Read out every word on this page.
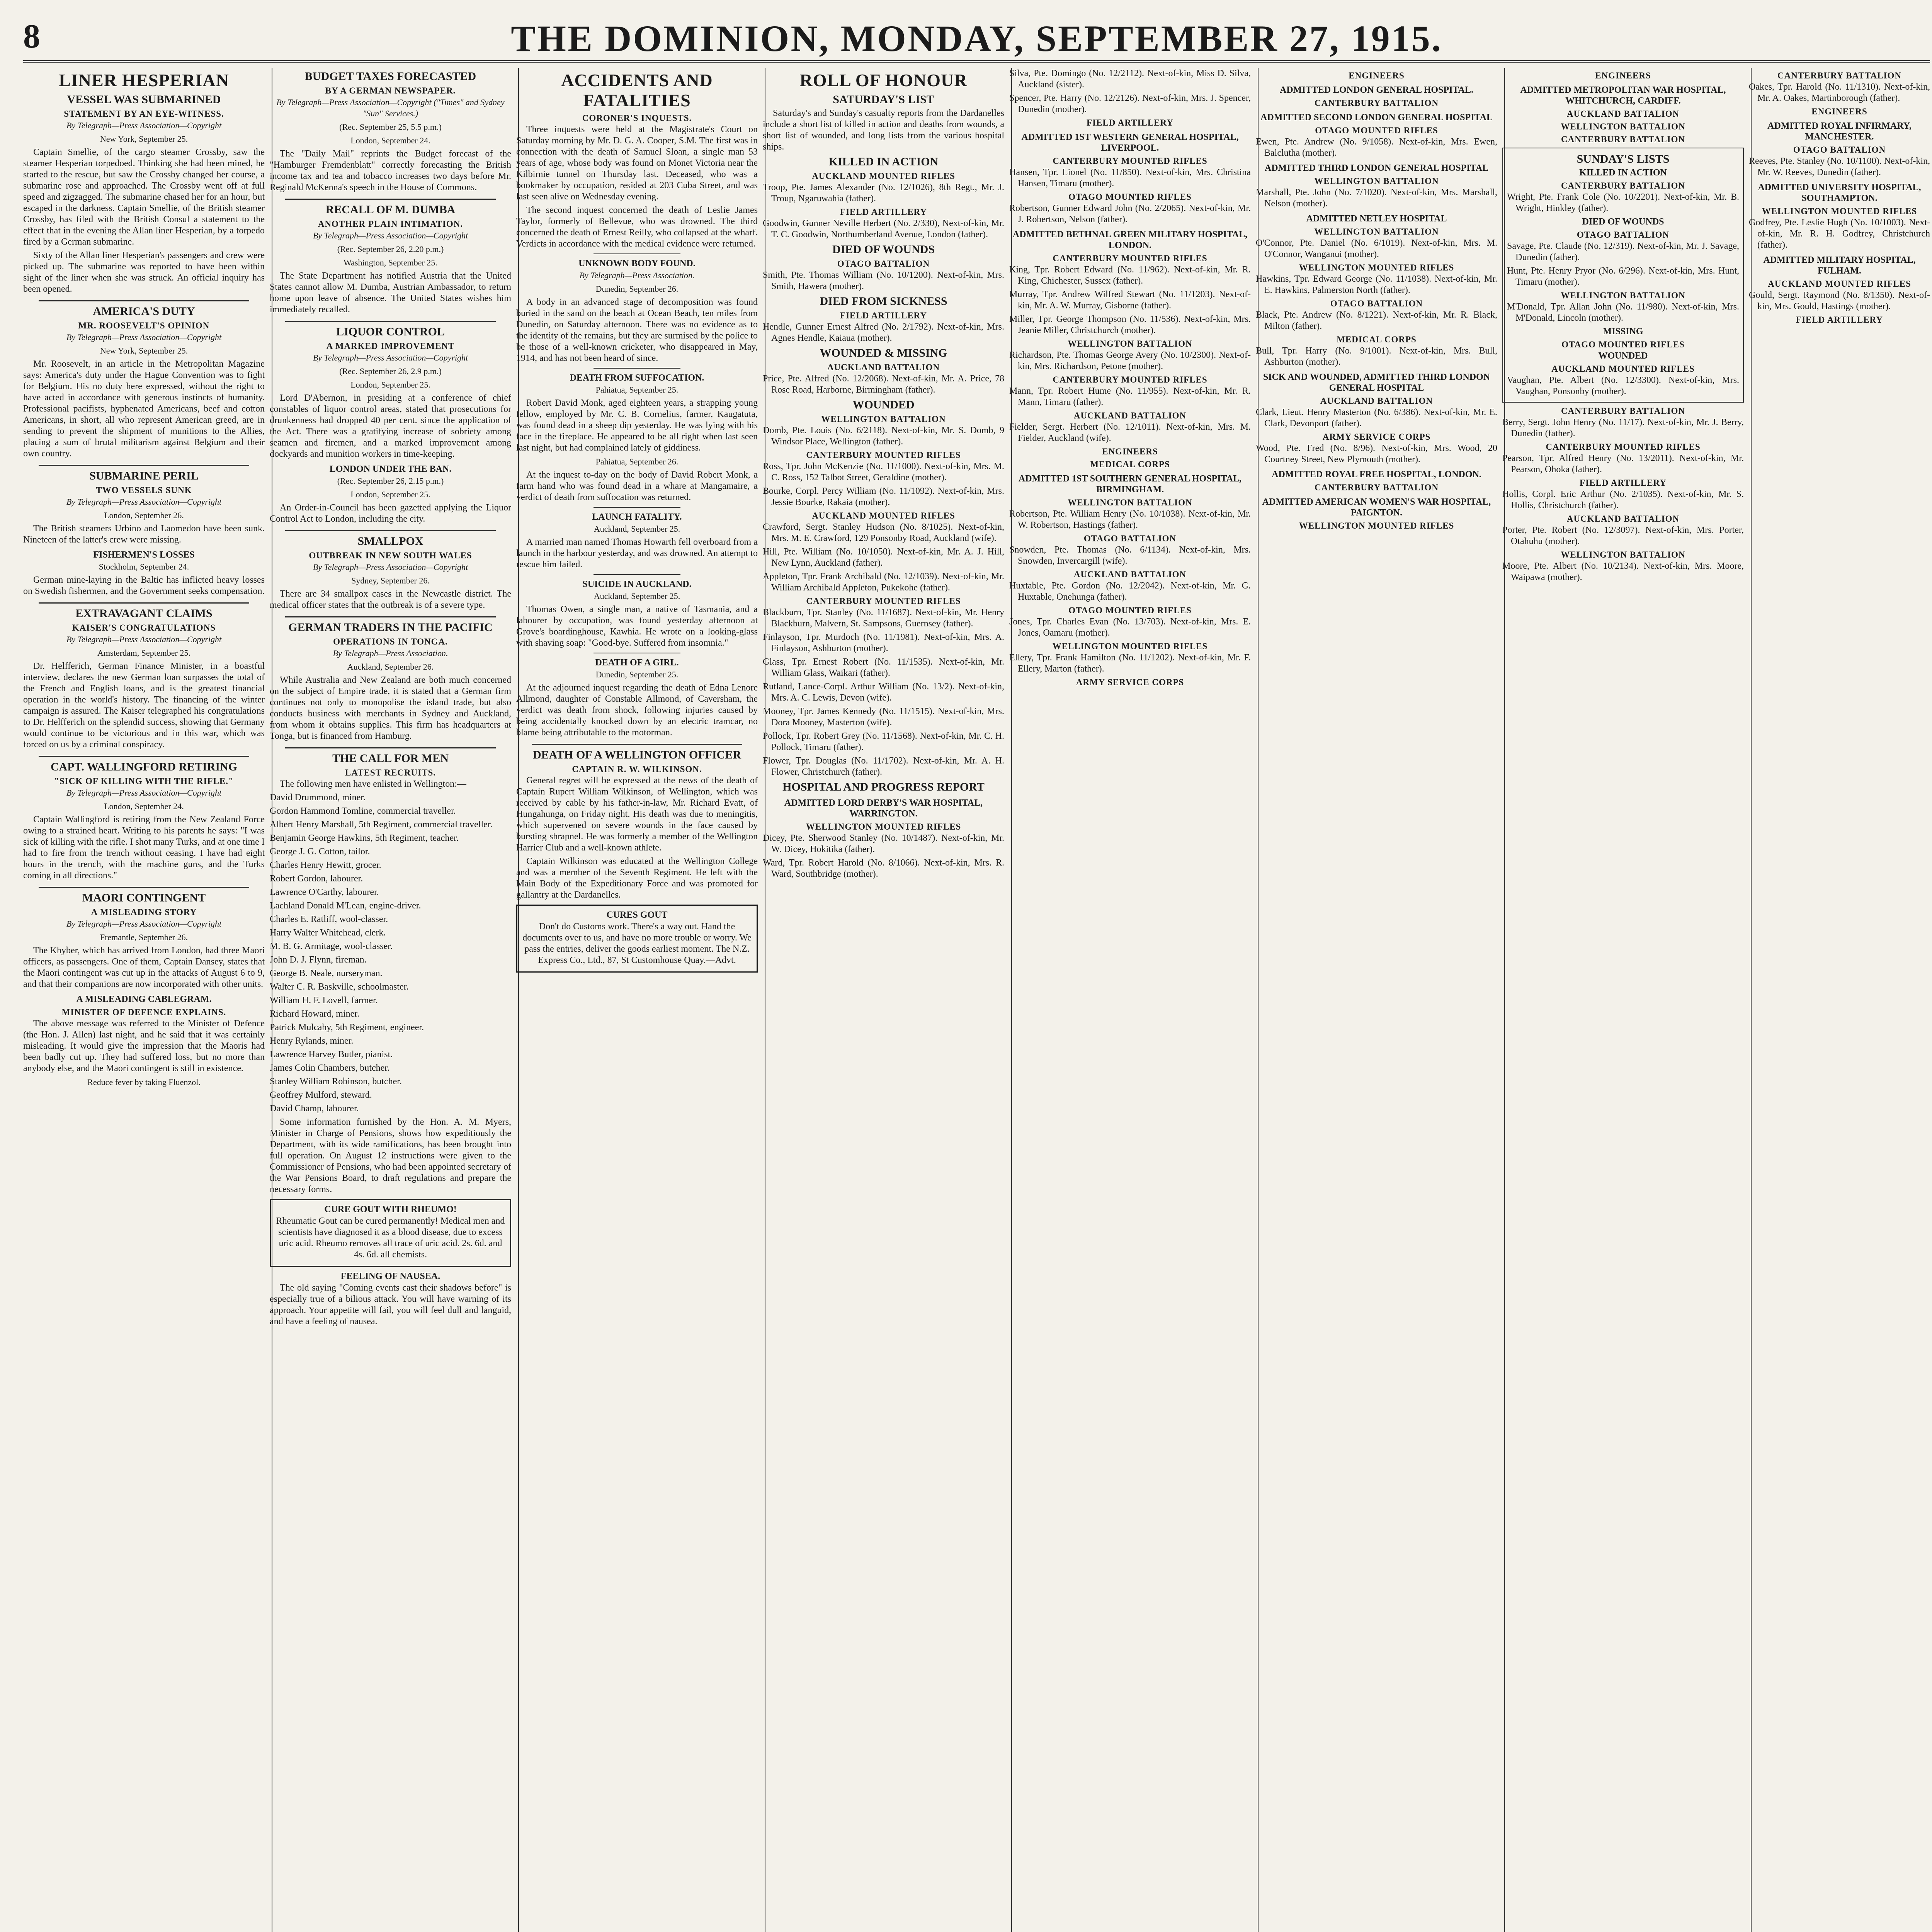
8	THE DOMINION, MONDAY, SEPTEMBER 27, 1915.
LINER HESPERIAN
VESSEL WAS SUBMARINED
STATEMENT BY AN EYE-WITNESS.

By Telegraph—Press Association—Copyright

New York, September 25.

Captain Smellie, of the cargo steamer Crossby, saw the steamer Hesperian torpedoed. Thinking she had been mined, he started to the rescue, but saw the Crossby changed her course, a submarine rose and approached. The Crossby went off at full speed and zigzagged. The submarine chased her for an hour, but escaped in the darkness. Captain Smellie, of the British steamer Crossby, has filed with the British Consul a statement to the effect that in the evening the Allan liner Hesperian, by a torpedo fired by a German submarine.

Sixty of the Allan liner Hesperian's passengers and crew were picked up. The submarine was reported to have been within sight of the liner when she was struck. An official inquiry has been opened.

AMERICA'S DUTY
MR. ROOSEVELT'S OPINION

By Telegraph—Press Association—Copyright

New York, September 25.

Mr. Roosevelt, in an article in the Metropolitan Magazine says: America's duty under the Hague Convention was to fight for Belgium. His no duty here expressed, without the right to have acted in accordance with generous instincts of humanity. Professional pacifists, hyphenated Americans, beef and cotton Americans, in short, all who represent American greed, are in sending to prevent the shipment of munitions to the Allies, placing a sum of brutal militarism against Belgium and their own country.

SUBMARINE PERIL
TWO VESSELS SUNK

By Telegraph—Press Association—Copyright

London, September 26.

The British steamers Urbino and Laomedon have been sunk. Nineteen of the latter's crew were missing.

FISHERMEN'S LOSSES

Stockholm, September 24.

German mine-laying in the Baltic has inflicted heavy losses on Swedish fishermen, and the Government seeks compensation.

EXTRAVAGANT CLAIMS
KAISER'S CONGRATULATIONS

By Telegraph—Press Association—Copyright

Amsterdam, September 25.

Dr. Helfferich, German Finance Minister, in a boastful interview, declares the new German loan surpasses the total of the French and English loans, and is the greatest financial operation in the world's history. The financing of the winter campaign is assured. The Kaiser telegraphed his congratulations to Dr. Helfferich on the splendid success, showing that Germany would continue to be victorious and in this war, which was forced on us by a criminal conspiracy.

CAPT. WALLINGFORD RETIRING
"SICK OF KILLING WITH THE RIFLE."

By Telegraph—Press Association—Copyright

London, September 24.

Captain Wallingford is retiring from the New Zealand Force owing to a strained heart. Writing to his parents he says: "I was sick of killing with the rifle. I shot many Turks, and at one time I had to fire from the trench without ceasing. I have had eight hours in the trench, with the machine guns, and the Turks coming in all directions."

MAORI CONTINGENT
A MISLEADING STORY

By Telegraph—Press Association—Copyright

Fremantle, September 26.

The Khyber, which has arrived from London, had three Maori officers, as passengers. One of them, Captain Dansey, states that the Maori contingent was cut up in the attacks of August 6 to 9, and that their companions are now incorporated with other units.

A MISLEADING CABLEGRAM.
MINISTER OF DEFENCE EXPLAINS.

The above message was referred to the Minister of Defence (the Hon. J. Allen) last night, and he said that it was certainly misleading. It would give the impression that the Maoris had been badly cut up. They had suffered loss, but no more than anybody else, and the Maori contingent is still in existence.

Reduce fever by taking Fluenzol.

BUDGET TAXES FORECASTED
BY A GERMAN NEWSPAPER.

By Telegraph—Press Association—Copyright ("Times" and Sydney "Sun" Services.)

(Rec. September 25, 5.5 p.m.)

London, September 24.

The "Daily Mail" reprints the Budget forecast of the "Hamburger Fremdenblatt" correctly forecasting the British income tax and tea and tobacco increases two days before Mr. Reginald McKenna's speech in the House of Commons.

RECALL OF M. DUMBA
ANOTHER PLAIN INTIMATION.

By Telegraph—Press Association—Copyright

(Rec. September 26, 2.20 p.m.)

Washington, September 25.

The State Department has notified Austria that the United States cannot allow M. Dumba, Austrian Ambassador, to return home upon leave of absence. The United States wishes him immediately recalled.

LIQUOR CONTROL
A MARKED IMPROVEMENT

By Telegraph—Press Association—Copyright

(Rec. September 26, 2.9 p.m.)

London, September 25.

Lord D'Abernon, in presiding at a conference of chief constables of liquor control areas, stated that prosecutions for drunkenness had dropped 40 per cent. since the application of the Act. There was a gratifying increase of sobriety among seamen and firemen, and a marked improvement among dockyards and munition workers in time-keeping.

LONDON UNDER THE BAN.

(Rec. September 26, 2.15 p.m.)

London, September 25.

An Order-in-Council has been gazetted applying the Liquor Control Act to London, including the city.

SMALLPOX
OUTBREAK IN NEW SOUTH WALES

By Telegraph—Press Association—Copyright

Sydney, September 26.

There are 34 smallpox cases in the Newcastle district. The medical officer states that the outbreak is of a severe type.

GERMAN TRADERS IN THE PACIFIC
OPERATIONS IN TONGA.

By Telegraph—Press Association.

Auckland, September 26.

While Australia and New Zealand are both much concerned on the subject of Empire trade, it is stated that a German firm continues not only to monopolise the island trade, but also conducts business with merchants in Sydney and Auckland, from whom it obtains supplies. This firm has headquarters at Tonga, but is financed from Hamburg.

THE CALL FOR MEN
LATEST RECRUITS.

The following men have enlisted in Wellington:—

David Drummond, miner.

Gordon Hammond Tomline, commercial traveller.

Albert Henry Marshall, 5th Regiment, commercial traveller.

Benjamin George Hawkins, 5th Regiment, teacher.

George J. G. Cotton, tailor.

Charles Henry Hewitt, grocer.

Robert Gordon, labourer.

Lawrence O'Carthy, labourer.

Lachland Donald M'Lean, engine-driver.

Charles E. Ratliff, wool-classer.

Harry Walter Whitehead, clerk.

M. B. G. Armitage, wool-classer.

John D. J. Flynn, fireman.

George B. Neale, nurseryman.

Walter C. R. Baskville, schoolmaster.

William H. F. Lovell, farmer.

Richard Howard, miner.

Patrick Mulcahy, 5th Regiment, engineer.

Henry Rylands, miner.

Lawrence Harvey Butler, pianist.

James Colin Chambers, butcher.

Stanley William Robinson, butcher.

Geoffrey Mulford, steward.

David Champ, labourer.

Some information furnished by the Hon. A. M. Myers, Minister in Charge of Pensions, shows how expeditiously the Department, with its wide ramifications, has been brought into full operation. On August 12 instructions were given to the Commissioner of Pensions, who had been appointed secretary of the War Pensions Board, to draft regulations and prepare the necessary forms.

CURE GOUT WITH RHEUMO!

Rheumatic Gout can be cured permanently! Medical men and scientists have diagnosed it as a blood disease, due to excess uric acid. Rheumo removes all trace of uric acid. 2s. 6d. and 4s. 6d. all chemists.

FEELING OF NAUSEA.

The old saying "Coming events cast their shadows before" is especially true of a bilious attack. You will have warning of its approach. Your appetite will fail, you will feel dull and languid, and have a feeling of nausea.

ACCIDENTS AND FATALITIES
CORONER'S INQUESTS.

Three inquests were held at the Magistrate's Court on Saturday morning by Mr. D. G. A. Cooper, S.M. The first was in connection with the death of Samuel Sloan, a single man 53 years of age, whose body was found on Monet Victoria near the Kilbirnie tunnel on Thursday last. Deceased, who was a bookmaker by occupation, resided at 203 Cuba Street, and was last seen alive on Wednesday evening.

The second inquest concerned the death of Leslie James Taylor, formerly of Bellevue, who was drowned. The third concerned the death of Ernest Reilly, who collapsed at the wharf. Verdicts in accordance with the medical evidence were returned.

UNKNOWN BODY FOUND.

By Telegraph—Press Association.

Dunedin, September 26.

A body in an advanced stage of decomposition was found buried in the sand on the beach at Ocean Beach, ten miles from Dunedin, on Saturday afternoon. There was no evidence as to the identity of the remains, but they are surmised by the police to be those of a well-known cricketer, who disappeared in May, 1914, and has not been heard of since.

DEATH FROM SUFFOCATION.

Pahiatua, September 25.

Robert David Monk, aged eighteen years, a strapping young fellow, employed by Mr. C. B. Cornelius, farmer, Kaugatuta, was found dead in a sheep dip yesterday. He was lying with his face in the fireplace. He appeared to be all right when last seen last night, but had complained lately of giddiness.

Pahiatua, September 26.

At the inquest to-day on the body of David Robert Monk, a farm hand who was found dead in a whare at Mangamaire, a verdict of death from suffocation was returned.

LAUNCH FATALITY.

Auckland, September 25.

A married man named Thomas Howarth fell overboard from a launch in the harbour yesterday, and was drowned. An attempt to rescue him failed.

SUICIDE IN AUCKLAND.

Auckland, September 25.

Thomas Owen, a single man, a native of Tasmania, and a labourer by occupation, was found yesterday afternoon at Grove's boardinghouse, Kawhia. He wrote on a looking-glass with shaving soap: "Good-bye. Suffered from insomnia."

DEATH OF A GIRL.

Dunedin, September 25.

At the adjourned inquest regarding the death of Edna Lenore Allmond, daughter of Constable Allmond, of Caversham, the verdict was death from shock, following injuries caused by being accidentally knocked down by an electric tramcar, no blame being attributable to the motorman.

DEATH OF A WELLINGTON OFFICER
CAPTAIN R. W. WILKINSON.

General regret will be expressed at the news of the death of Captain Rupert William Wilkinson, of Wellington, which was received by cable by his father-in-law, Mr. Richard Evatt, of Hungahunga, on Friday night. His death was due to meningitis, which supervened on severe wounds in the face caused by bursting shrapnel. He was formerly a member of the Wellington Harrier Club and a well-known athlete.

Captain Wilkinson was educated at the Wellington College and was a member of the Seventh Regiment. He left with the Main Body of the Expeditionary Force and was promoted for gallantry at the Dardanelles.

CURES GOUT

Don't do Customs work. There's a way out. Hand the documents over to us, and have no more trouble or worry. We pass the entries, deliver the goods earliest moment. The N.Z. Express Co., Ltd., 87, St Customhouse Quay.—Advt.

ROLL OF HONOUR
SATURDAY'S LIST

Saturday's and Sunday's casualty reports from the Dardanelles include a short list of killed in action and deaths from wounds, a short list of wounded, and long lists from the various hospital ships.

KILLED IN ACTION
AUCKLAND MOUNTED RIFLES

Troop, Pte. James Alexander (No. 12/1026), 8th Regt., Mr. J. Troup, Ngaruwahia (father).

FIELD ARTILLERY

Goodwin, Gunner Neville Herbert (No. 2/330), Next-of-kin, Mr. T. C. Goodwin, Northumberland Avenue, London (father).

DIED OF WOUNDS
OTAGO BATTALION

Smith, Pte. Thomas William (No. 10/1200). Next-of-kin, Mrs. Smith, Hawera (mother).

DIED FROM SICKNESS
FIELD ARTILLERY

Hendle, Gunner Ernest Alfred (No. 2/1792). Next-of-kin, Mrs. Agnes Hendle, Kaiaua (mother).

WOUNDED & MISSING
AUCKLAND BATTALION

Price, Pte. Alfred (No. 12/2068). Next-of-kin, Mr. A. Price, 78 Rose Road, Harborne, Birmingham (father).

WOUNDED
WELLINGTON BATTALION

Domb, Pte. Louis (No. 6/2118). Next-of-kin, Mr. S. Domb, 9 Windsor Place, Wellington (father).

CANTERBURY MOUNTED RIFLES

Ross, Tpr. John McKenzie (No. 11/1000). Next-of-kin, Mrs. M. C. Ross, 152 Talbot Street, Geraldine (mother).

Bourke, Corpl. Percy William (No. 11/1092). Next-of-kin, Mrs. Jessie Bourke, Rakaia (mother).

AUCKLAND MOUNTED RIFLES

Crawford, Sergt. Stanley Hudson (No. 8/1025). Next-of-kin, Mrs. M. E. Crawford, 129 Ponsonby Road, Auckland (wife).

Hill, Pte. William (No. 10/1050). Next-of-kin, Mr. A. J. Hill, New Lynn, Auckland (father).

Appleton, Tpr. Frank Archibald (No. 12/1039). Next-of-kin, Mr. William Archibald Appleton, Pukekohe (father).

CANTERBURY MOUNTED RIFLES

Blackburn, Tpr. Stanley (No. 11/1687). Next-of-kin, Mr. Henry Blackburn, Malvern, St. Sampsons, Guernsey (father).

Finlayson, Tpr. Murdoch (No. 11/1981). Next-of-kin, Mrs. A. Finlayson, Ashburton (mother).

Glass, Tpr. Ernest Robert (No. 11/1535). Next-of-kin, Mr. William Glass, Waikari (father).

Rutland, Lance-Corpl. Arthur William (No. 13/2). Next-of-kin, Mrs. A. C. Lewis, Devon (wife).

Mooney, Tpr. James Kennedy (No. 11/1515). Next-of-kin, Mrs. Dora Mooney, Masterton (wife).

Pollock, Tpr. Robert Grey (No. 11/1568). Next-of-kin, Mr. C. H. Pollock, Timaru (father).

Flower, Tpr. Douglas (No. 11/1702). Next-of-kin, Mr. A. H. Flower, Christchurch (father).

HOSPITAL AND PROGRESS REPORT
ADMITTED LORD DERBY'S WAR HOSPITAL, WARRINGTON.
WELLINGTON MOUNTED RIFLES

Dicey, Pte. Sherwood Stanley (No. 10/1487). Next-of-kin, Mr. W. Dicey, Hokitika (father).

Ward, Tpr. Robert Harold (No. 8/1066). Next-of-kin, Mrs. R. Ward, Southbridge (mother).

Silva, Pte. Domingo (No. 12/2112). Next-of-kin, Miss D. Silva, Auckland (sister).

Spencer, Pte. Harry (No. 12/2126). Next-of-kin, Mrs. J. Spencer, Dunedin (mother).

FIELD ARTILLERY
ADMITTED 1ST WESTERN GENERAL HOSPITAL, LIVERPOOL.
CANTERBURY MOUNTED RIFLES

Hansen, Tpr. Lionel (No. 11/850). Next-of-kin, Mrs. Christina Hansen, Timaru (mother).

OTAGO MOUNTED RIFLES

Robertson, Gunner Edward John (No. 2/2065). Next-of-kin, Mr. J. Robertson, Nelson (father).

ADMITTED BETHNAL GREEN MILITARY HOSPITAL, LONDON.
CANTERBURY MOUNTED RIFLES

King, Tpr. Robert Edward (No. 11/962). Next-of-kin, Mr. R. King, Chichester, Sussex (father).

Murray, Tpr. Andrew Wilfred Stewart (No. 11/1203). Next-of-kin, Mr. A. W. Murray, Gisborne (father).

Miller, Tpr. George Thompson (No. 11/536). Next-of-kin, Mrs. Jeanie Miller, Christchurch (mother).

WELLINGTON BATTALION

Richardson, Pte. Thomas George Avery (No. 10/2300). Next-of-kin, Mrs. Richardson, Petone (mother).

CANTERBURY MOUNTED RIFLES

Mann, Tpr. Robert Hume (No. 11/955). Next-of-kin, Mr. R. Mann, Timaru (father).

AUCKLAND BATTALION

Fielder, Sergt. Herbert (No. 12/1011). Next-of-kin, Mrs. M. Fielder, Auckland (wife).

ENGINEERS
MEDICAL CORPS
ADMITTED 1ST SOUTHERN GENERAL HOSPITAL, BIRMINGHAM.
WELLINGTON BATTALION

Robertson, Pte. William Henry (No. 10/1038). Next-of-kin, Mr. W. Robertson, Hastings (father).

OTAGO BATTALION

Snowden, Pte. Thomas (No. 6/1134). Next-of-kin, Mrs. Snowden, Invercargill (wife).

AUCKLAND BATTALION

Huxtable, Pte. Gordon (No. 12/2042). Next-of-kin, Mr. G. Huxtable, Onehunga (father).

OTAGO MOUNTED RIFLES

Jones, Tpr. Charles Evan (No. 13/703). Next-of-kin, Mrs. E. Jones, Oamaru (mother).

WELLINGTON MOUNTED RIFLES

Ellery, Tpr. Frank Hamilton (No. 11/1202). Next-of-kin, Mr. F. Ellery, Marton (father).

ARMY SERVICE CORPS
ENGINEERS
ADMITTED LONDON GENERAL HOSPITAL.
CANTERBURY BATTALION
ADMITTED SECOND LONDON GENERAL HOSPITAL
OTAGO MOUNTED RIFLES

Ewen, Pte. Andrew (No. 9/1058). Next-of-kin, Mrs. Ewen, Balclutha (mother).

ADMITTED THIRD LONDON GENERAL HOSPITAL
WELLINGTON BATTALION

Marshall, Pte. John (No. 7/1020). Next-of-kin, Mrs. Marshall, Nelson (mother).

ADMITTED NETLEY HOSPITAL
WELLINGTON BATTALION

O'Connor, Pte. Daniel (No. 6/1019). Next-of-kin, Mrs. M. O'Connor, Wanganui (mother).

WELLINGTON MOUNTED RIFLES

Hawkins, Tpr. Edward George (No. 11/1038). Next-of-kin, Mr. E. Hawkins, Palmerston North (father).

OTAGO BATTALION

Black, Pte. Andrew (No. 8/1221). Next-of-kin, Mr. R. Black, Milton (father).

MEDICAL CORPS

Bull, Tpr. Harry (No. 9/1001). Next-of-kin, Mrs. Bull, Ashburton (mother).

SICK AND WOUNDED, ADMITTED THIRD LONDON GENERAL HOSPITAL
AUCKLAND BATTALION

Clark, Lieut. Henry Masterton (No. 6/386). Next-of-kin, Mr. E. Clark, Devonport (father).

ARMY SERVICE CORPS

Wood, Pte. Fred (No. 8/96). Next-of-kin, Mrs. Wood, 20 Courtney Street, New Plymouth (mother).

ADMITTED ROYAL FREE HOSPITAL, LONDON.
CANTERBURY BATTALION
ADMITTED AMERICAN WOMEN'S WAR HOSPITAL, PAIGNTON.
WELLINGTON MOUNTED RIFLES
ENGINEERS
ADMITTED METROPOLITAN WAR HOSPITAL, WHITCHURCH, CARDIFF.
AUCKLAND BATTALION
WELLINGTON BATTALION
CANTERBURY BATTALION
SUNDAY'S LISTS
KILLED IN ACTION
CANTERBURY BATTALION

Wright, Pte. Frank Cole (No. 10/2201). Next-of-kin, Mr. B. Wright, Hinkley (father).

DIED OF WOUNDS
OTAGO BATTALION

Savage, Pte. Claude (No. 12/319). Next-of-kin, Mr. J. Savage, Dunedin (father).

Hunt, Pte. Henry Pryor (No. 6/296). Next-of-kin, Mrs. Hunt, Timaru (mother).

WELLINGTON BATTALION

M'Donald, Tpr. Allan John (No. 11/980). Next-of-kin, Mrs. M'Donald, Lincoln (mother).

MISSING
OTAGO MOUNTED RIFLES
WOUNDED
AUCKLAND MOUNTED RIFLES

Vaughan, Pte. Albert (No. 12/3300). Next-of-kin, Mrs. Vaughan, Ponsonby (mother).

CANTERBURY BATTALION

Berry, Sergt. John Henry (No. 11/17). Next-of-kin, Mr. J. Berry, Dunedin (father).

CANTERBURY MOUNTED RIFLES

Pearson, Tpr. Alfred Henry (No. 13/2011). Next-of-kin, Mr. Pearson, Ohoka (father).

FIELD ARTILLERY

Hollis, Corpl. Eric Arthur (No. 2/1035). Next-of-kin, Mr. S. Hollis, Christchurch (father).

AUCKLAND BATTALION

Porter, Pte. Robert (No. 12/3097). Next-of-kin, Mrs. Porter, Otahuhu (mother).

WELLINGTON BATTALION

Moore, Pte. Albert (No. 10/2134). Next-of-kin, Mrs. Moore, Waipawa (mother).

CANTERBURY BATTALION

Oakes, Tpr. Harold (No. 11/1310). Next-of-kin, Mr. A. Oakes, Martinborough (father).

ENGINEERS
ADMITTED ROYAL INFIRMARY, MANCHESTER.
OTAGO BATTALION

Reeves, Pte. Stanley (No. 10/1100). Next-of-kin, Mr. W. Reeves, Dunedin (father).

ADMITTED UNIVERSITY HOSPITAL, SOUTHAMPTON.
WELLINGTON MOUNTED RIFLES

Godfrey, Pte. Leslie Hugh (No. 10/1003). Next-of-kin, Mr. R. H. Godfrey, Christchurch (father).

ADMITTED MILITARY HOSPITAL, FULHAM.
AUCKLAND MOUNTED RIFLES

Gould, Sergt. Raymond (No. 8/1350). Next-of-kin, Mrs. Gould, Hastings (mother).

FIELD ARTILLERY
